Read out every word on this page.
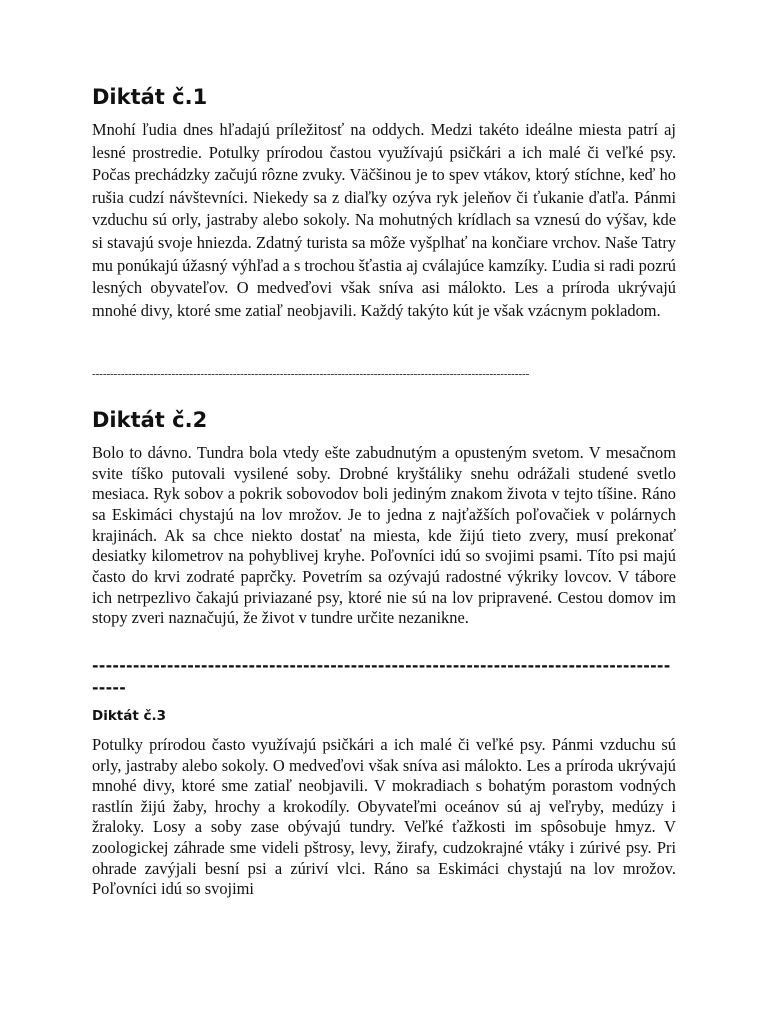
Diktát č.1

Mnohí ľudia dnes hľadajú príležitosť na oddych. Medzi takéto ideálne miesta patrí aj lesné prostredie. Potulky prírodou častou využívajú psičkári a ich malé či veľké psy. Počas prechádzky začujú rôzne zvuky. Väčšinou je to spev vtákov, ktorý stíchne, keď ho rušia cudzí návštevníci. Niekedy sa z diaľky ozýva ryk jeleňov či ťukanie ďatľa. Pánmi vzduchu sú orly, jastraby alebo sokoly. Na mohutných krídlach sa vznesú do výšav, kde si stavajú svoje hniezda. Zdatný turista sa môže vyšplhať na končiare vrchov. Naše Tatry mu ponúkajú úžasný výhľad a s trochou šťastia aj cválajúce kamzíky. Ľudia si radi pozrú lesných obyvateľov. O medveďovi však sníva asi málokto. Les a príroda ukrývajú mnohé divy, ktoré sme zatiaľ neobjavili. Každý takýto kút je však vzácnym pokladom.

-------------------------------------------------------------------------------------------------------------------------
Diktát č.2

Bolo to dávno. Tundra bola vtedy ešte zabudnutým a opusteným svetom. V mesačnom svite tíško putovali vysilené soby. Drobné kryštáliky snehu odrážali studené svetlo mesiaca. Ryk sobov a pokrik sobovodov boli jediným znakom života v tejto tíšine. Ráno sa Eskimáci chystajú na lov mrožov. Je to jedna z najťažších poľovačiek v polárnych krajinách. Ak sa chce niekto dostať na miesta, kde žijú tieto zvery, musí prekonať desiatky kilometrov na pohyblivej kryhe. Poľovníci idú so svojimi psami. Títo psi majú často do krvi zodraté paprčky. Povetrím sa ozývajú radostné výkriky lovcov. V tábore ich netrpezlivo čakajú priviazané psy, ktoré nie sú na lov pripravené. Cestou domov im stopy zveri naznačujú, že život v tundre určite nezanikne.

------------------------------------------------------------------------------------------
Diktát č.3

Potulky prírodou často využívajú psičkári a ich malé či veľké psy. Pánmi vzduchu sú orly, jastraby alebo sokoly. O medveďovi však sníva asi málokto. Les a príroda ukrývajú mnohé divy, ktoré sme zatiaľ neobjavili. V mokradiach s bohatým porastom vodných rastlín žijú žaby, hrochy a krokodíly. Obyvateľmi oceánov sú aj veľryby, medúzy i žraloky. Losy a soby zase obývajú tundry. Veľké ťažkosti im spôsobuje hmyz. V zoologickej záhrade sme videli pštrosy, levy, žirafy, cudzokrajné vtáky i zúrivé psy. Pri ohrade zavýjali besní psi a zúriví vlci. Ráno sa Eskimáci chystajú na lov mrožov. Poľovníci idú so svojimi
